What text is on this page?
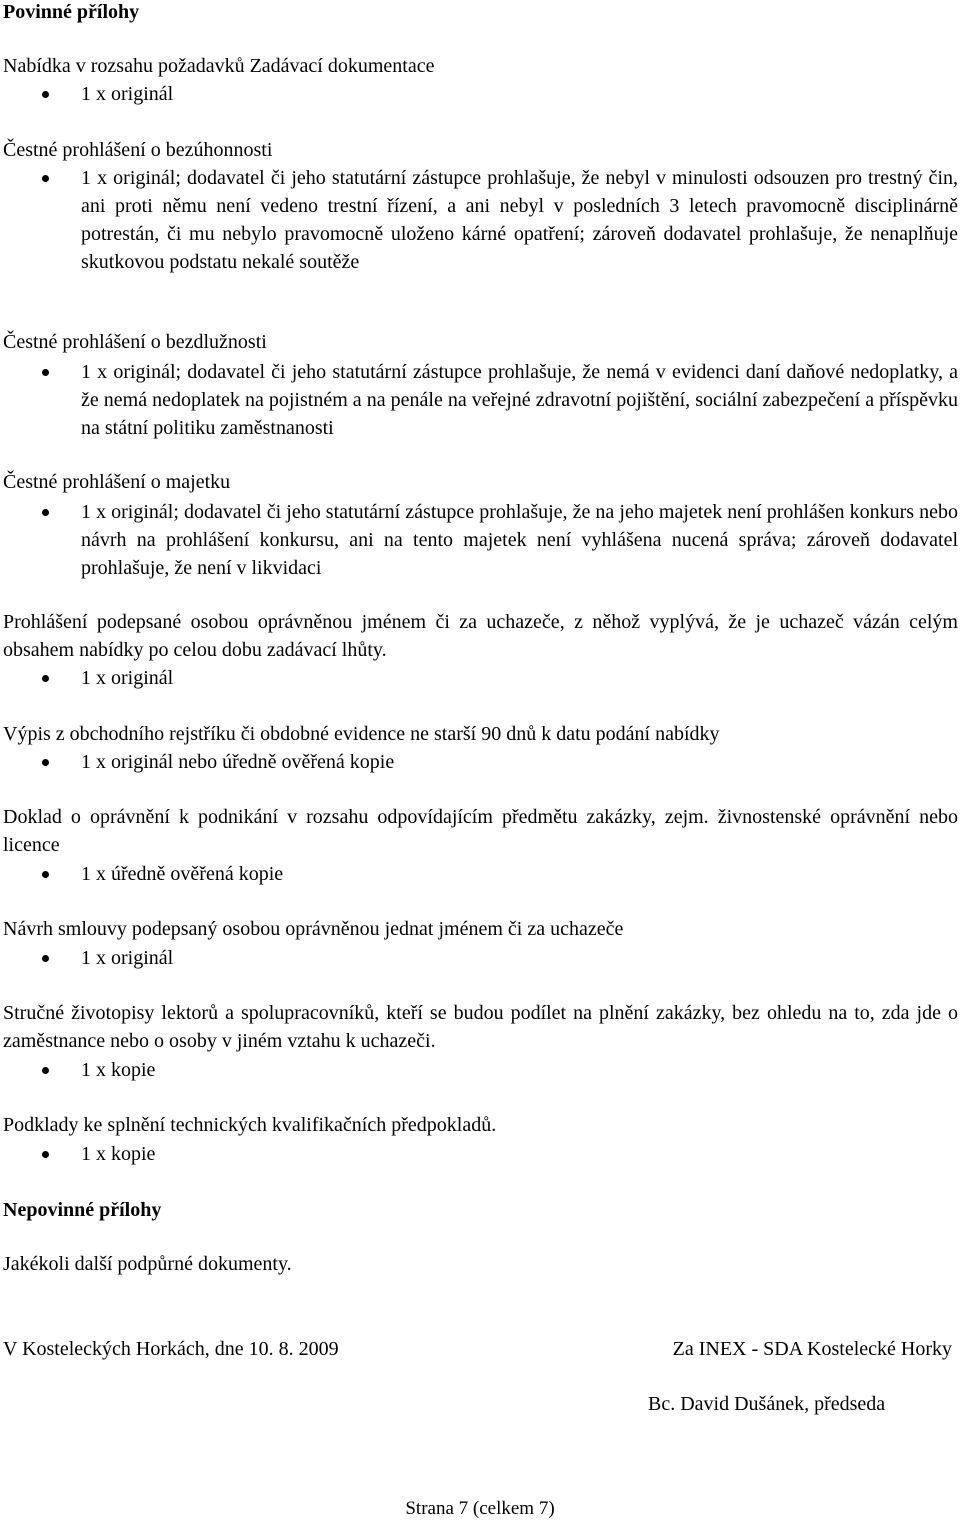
Povinné přílohy

Nabídka v rozsahu požadavků Zadávací dokumentace

1 x originál

Čestné prohlášení o bezúhonnosti

1 x originál; dodavatel či jeho statutární zástupce prohlašuje, že nebyl v minulosti odsouzen pro trestný čin, ani proti němu není vedeno trestní řízení, a ani nebyl v posledních 3 letech pravomocně disciplinárně potrestán, či mu nebylo pravomocně uloženo kárné opatření; zároveň dodavatel prohlašuje, že nenaplňuje skutkovou podstatu nekalé soutěže

Čestné prohlášení o bezdlužnosti

1 x originál; dodavatel či jeho statutární zástupce prohlašuje, že nemá v evidenci daní daňové nedoplatky, a že nemá nedoplatek na pojistném a na penále na veřejné zdravotní pojištění, sociální zabezpečení a příspěvku na státní politiku zaměstnanosti

Čestné prohlášení o majetku

1 x originál; dodavatel či jeho statutární zástupce prohlašuje, že na jeho majetek není prohlášen konkurs nebo návrh na prohlášení konkursu, ani na tento majetek není vyhlášena nucená správa; zároveň dodavatel prohlašuje, že není v likvidaci

Prohlášení podepsané osobou oprávněnou jménem či za uchazeče, z něhož vyplývá, že je uchazeč vázán celým obsahem nabídky po celou dobu zadávací lhůty.

1 x originál

Výpis z obchodního rejstříku či obdobné evidence ne starší 90 dnů k datu podání nabídky

1 x originál nebo úředně ověřená kopie

Doklad o oprávnění k podnikání v rozsahu odpovídajícím předmětu zakázky, zejm. živnostenské oprávnění nebo licence

1 x úředně ověřená kopie

Návrh smlouvy podepsaný osobou oprávněnou jednat jménem či za uchazeče

1 x originál

Stručné životopisy lektorů a spolupracovníků, kteří se budou podílet na plnění zakázky, bez ohledu na to, zda jde o zaměstnance nebo o osoby v jiném vztahu k uchazeči.

1 x kopie

Podklady ke splnění technických kvalifikačních předpokladů.

1 x kopie

Nepovinné přílohy

Jakékoli další podpůrné dokumenty.

V Kosteleckých Horkách, dne 10. 8. 2009	Za INEX - SDA Kostelecké Horky
Bc. David Dušánek, předseda
Strana 7 (celkem 7)
